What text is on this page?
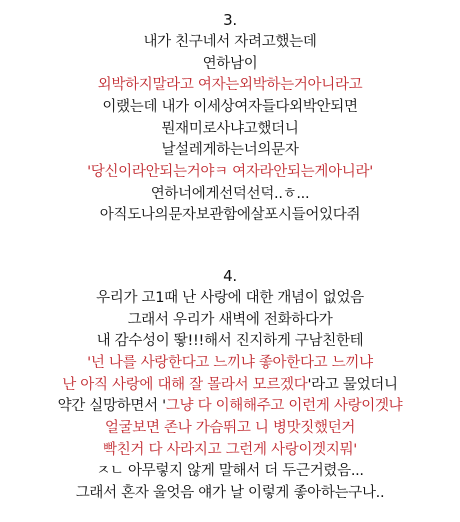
3.
내가 친구네서 자려고했는데
연하남이
외박하지말라고 여자는외박하는거아니라고
이랬는데 내가 이세상여자들다외박안되면
뭔재미로사냐고했더니
날설레게하는너의문자
'당신이라안되는거야ㅋ 여자라안되는게아니라'
연하너에게선덕선덕..ㅎ...
아직도나의문자보관함에살포시들어있다쥐
4.
우리가 고1때 난 사랑에 대한 개념이 없었음
그래서 우리가 새벽에 전화하다가
내 감수성이 뙇!!!해서 진지하게 구남친한테
'넌 나를 사랑한다고 느끼냐 좋아한다고 느끼냐
난 아직 사랑에 대해 잘 몰라서 모르겠다'라고 물었더니
약간 실망하면서 '그냥 다 이해해주고 이런게 사랑이겟냐
얼굴보면 존나 가슴뛰고 니 병맛짓했던거
빡친거 다 사라지고 그런게 사랑이겟지뭐'
ㅈㄴ 아무렇지 않게 말해서 더 두근거렸음...
그래서 혼자 울엇음 얘가 날 이렇게 좋아하는구나..
